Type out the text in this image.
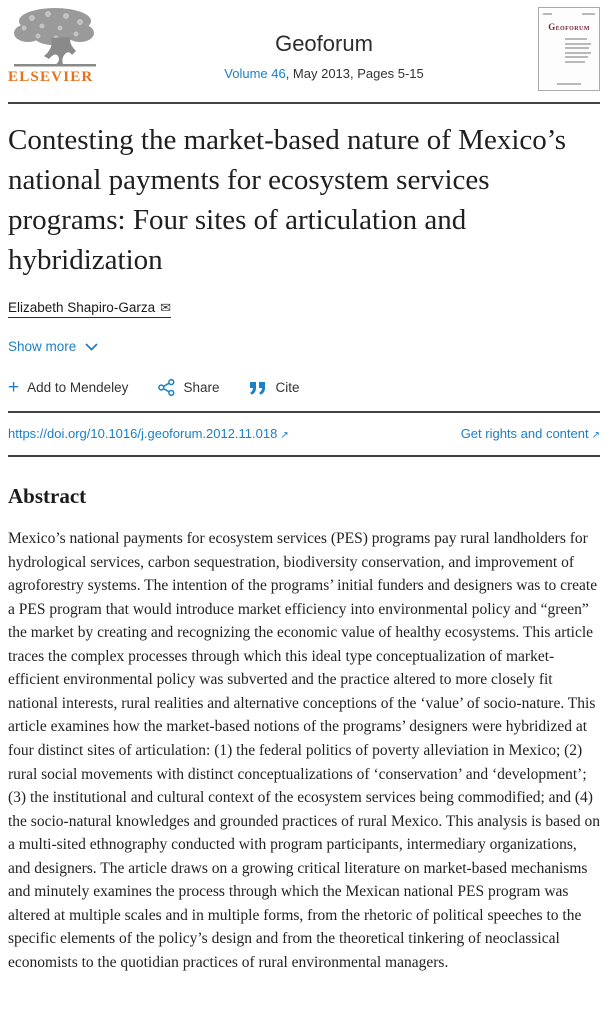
ELSEVIER
Geoforum
Volume 46, May 2013, Pages 5-15
Geoforum
Contesting the market-based nature of Mexico’s national payments for ecosystem services programs: Four sites of articulation and hybridization
Elizabeth Shapiro-Garza ✉
Show more
+ Add to Mendeley	Share	Cite
https://doi.org/10.1016/j.geoforum.2012.11.018 ↗	Get rights and content ↗
Abstract

Mexico’s national payments for ecosystem services (PES) programs pay rural landholders for hydrological services, carbon sequestration, biodiversity conservation, and improvement of agroforestry systems. The intention of the programs’ initial funders and designers was to create a PES program that would introduce market efficiency into environmental policy and “green” the market by creating and recognizing the economic value of healthy ecosystems. This article traces the complex processes through which this ideal type conceptualization of market-efficient environmental policy was subverted and the practice altered to more closely fit national interests, rural realities and alternative conceptions of the ‘value’ of socio-nature. This article examines how the market-based notions of the programs’ designers were hybridized at four distinct sites of articulation: (1) the federal politics of poverty alleviation in Mexico; (2) rural social movements with distinct conceptualizations of ‘conservation’ and ‘development’; (3) the institutional and cultural context of the ecosystem services being commodified; and (4) the socio-natural knowledges and grounded practices of rural Mexico. This analysis is based on a multi-sited ethnography conducted with program participants, intermediary organizations, and designers. The article draws on a growing critical literature on market-based mechanisms and minutely examines the process through which the Mexican national PES program was altered at multiple scales and in multiple forms, from the rhetoric of political speeches to the specific elements of the policy’s design and from the theoretical tinkering of neoclassical economists to the quotidian practices of rural environmental managers.
